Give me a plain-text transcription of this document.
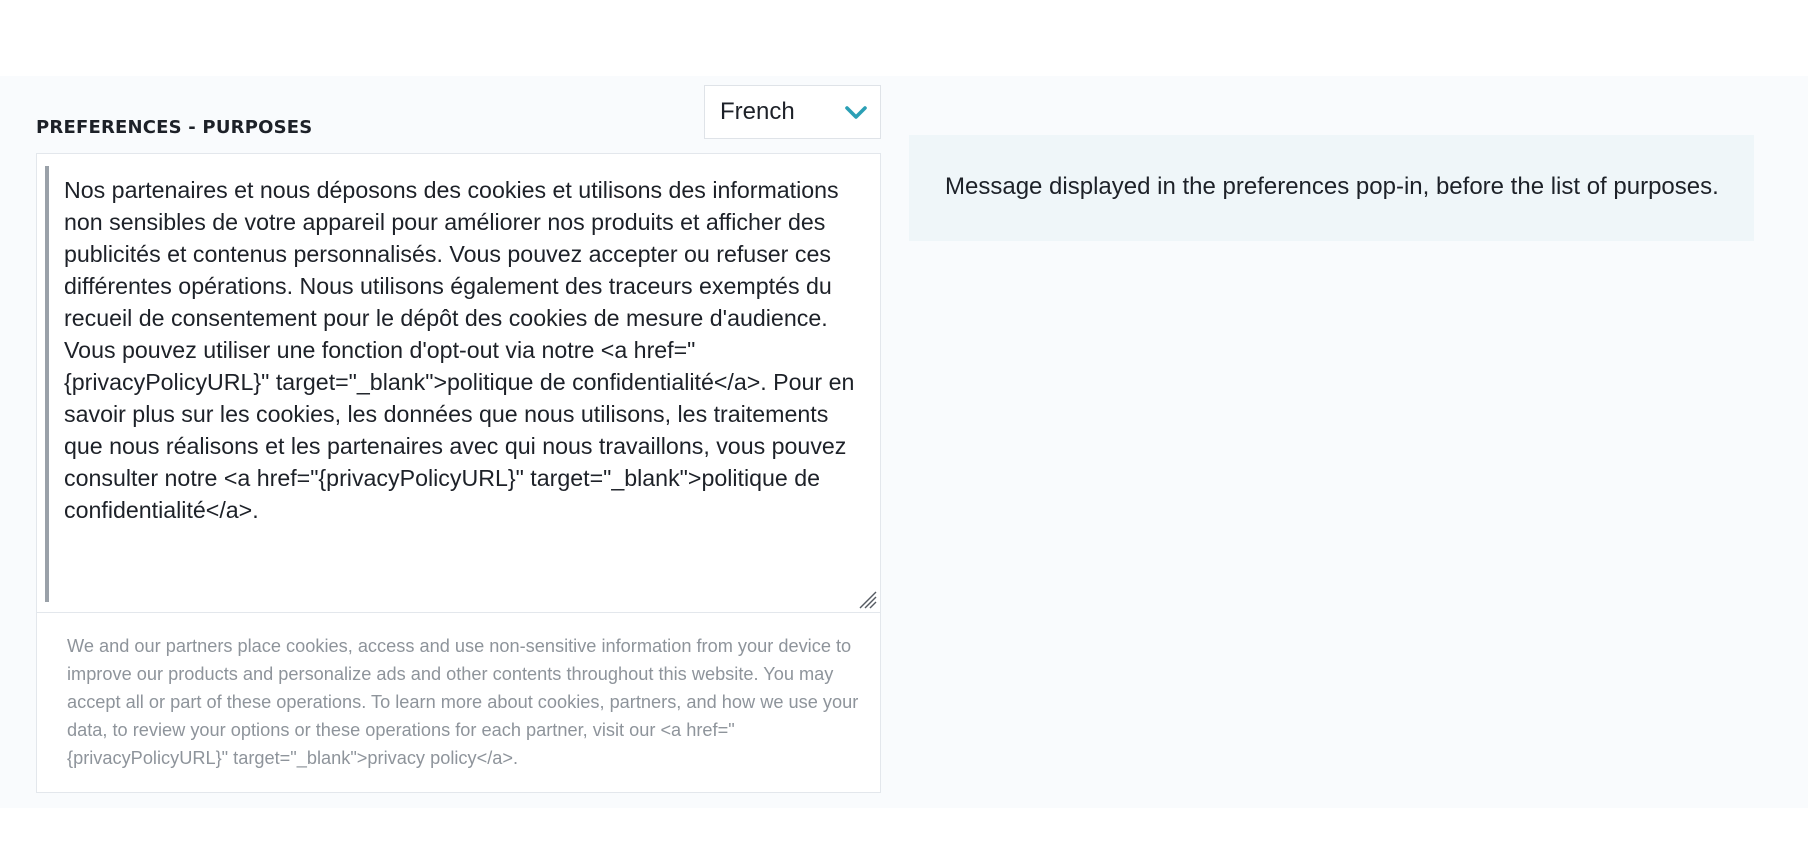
PREFERENCES - PURPOSES
French
Nos partenaires et nous déposons des cookies et utilisons des informations non sensibles de votre appareil pour améliorer nos produits et afficher des publicités et contenus personnalisés. Vous pouvez accepter ou refuser ces différentes opérations. Nous utilisons également des traceurs exemptés du recueil de consentement pour le dépôt des cookies de mesure d'audience. Vous pouvez utiliser une fonction d'opt-out via notre <a href="{privacyPolicyURL}" target="_blank">politique de confidentialité</a>. Pour en savoir plus sur les cookies, les données que nous utilisons, les traitements que nous réalisons et les partenaires avec qui nous travaillons, vous pouvez consulter notre <a href="{privacyPolicyURL}" target="_blank">politique de confidentialité</a>.
We and our partners place cookies, access and use non-sensitive information from your device to
improve our products and personalize ads and other contents throughout this website. You may
accept all or part of these operations. To learn more about cookies, partners, and how we use your
data, to review your options or these operations for each partner, visit our <a href="
{privacyPolicyURL}" target="_blank">privacy policy</a>.
Message displayed in the preferences pop-in, before the list of purposes.
